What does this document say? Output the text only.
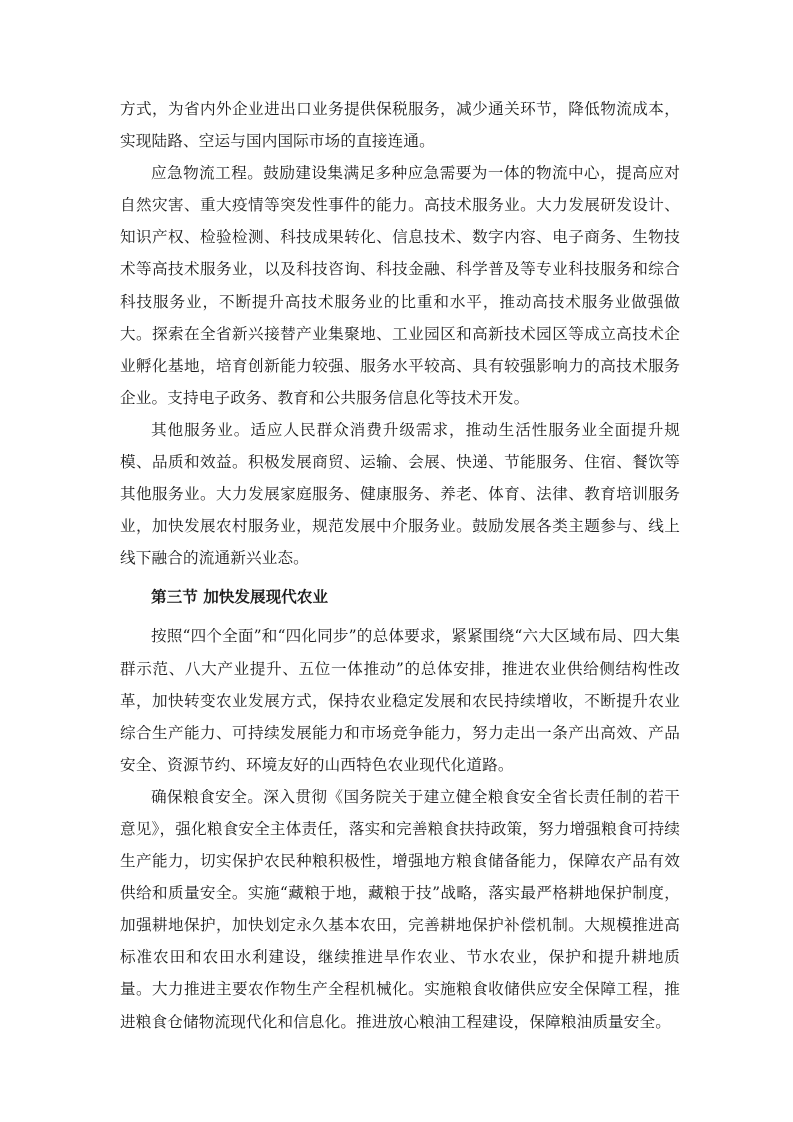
方式，为省内外企业进出口业务提供保税服务，减少通关环节，降低物流成本，实现陆路、空运与国内国际市场的直接连通。

应急物流工程。鼓励建设集满足多种应急需要为一体的物流中心，提高应对自然灾害、重大疫情等突发性事件的能力。高技术服务业。大力发展研发设计、知识产权、检验检测、科技成果转化、信息技术、数字内容、电子商务、生物技术等高技术服务业，以及科技咨询、科技金融、科学普及等专业科技服务和综合科技服务业，不断提升高技术服务业的比重和水平，推动高技术服务业做强做大。探索在全省新兴接替产业集聚地、工业园区和高新技术园区等成立高技术企业孵化基地，培育创新能力较强、服务水平较高、具有较强影响力的高技术服务企业。支持电子政务、教育和公共服务信息化等技术开发。

其他服务业。适应人民群众消费升级需求，推动生活性服务业全面提升规模、品质和效益。积极发展商贸、运输、会展、快递、节能服务、住宿、餐饮等其他服务业。大力发展家庭服务、健康服务、养老、体育、法律、教育培训服务业，加快发展农村服务业，规范发展中介服务业。鼓励发展各类主题参与、线上线下融合的流通新兴业态。

第三节 加快发展现代农业

按照“四个全面”和“四化同步”的总体要求，紧紧围绕“六大区域布局、四大集群示范、八大产业提升、五位一体推动”的总体安排，推进农业供给侧结构性改革，加快转变农业发展方式，保持农业稳定发展和农民持续增收，不断提升农业综合生产能力、可持续发展能力和市场竞争能力，努力走出一条产出高效、产品安全、资源节约、环境友好的山西特色农业现代化道路。

确保粮食安全。深入贯彻《国务院关于建立健全粮食安全省长责任制的若干意见》，强化粮食安全主体责任，落实和完善粮食扶持政策，努力增强粮食可持续生产能力，切实保护农民种粮积极性，增强地方粮食储备能力，保障农产品有效供给和质量安全。实施“藏粮于地，藏粮于技”战略，落实最严格耕地保护制度，加强耕地保护，加快划定永久基本农田，完善耕地保护补偿机制。大规模推进高标准农田和农田水利建设，继续推进旱作农业、节水农业，保护和提升耕地质量。大力推进主要农作物生产全程机械化。实施粮食收储供应安全保障工程，推进粮食仓储物流现代化和信息化。推进放心粮油工程建设，保障粮油质量安全。
